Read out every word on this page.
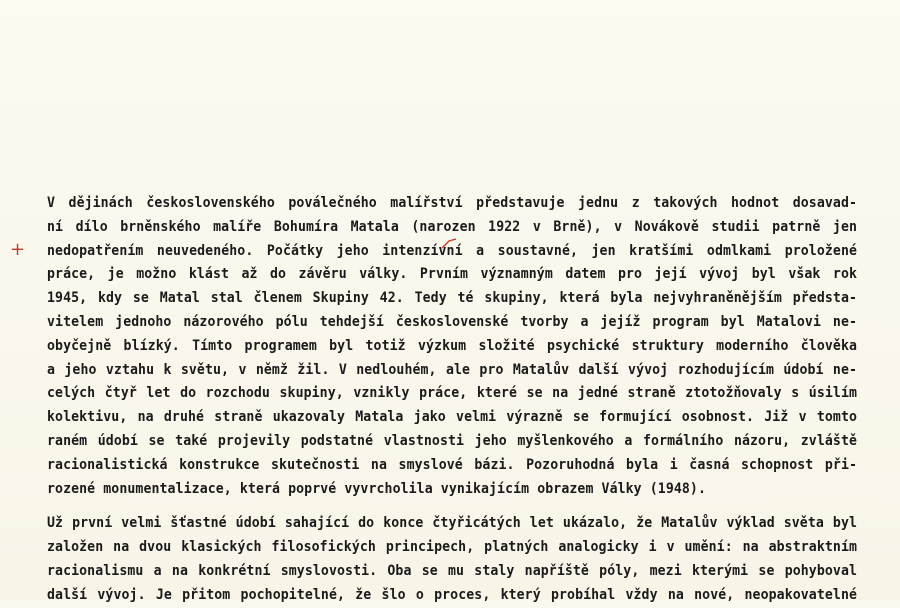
+
V dějinách československého poválečného malířství představuje jednu z takových hodnot dosavad-
ní dílo brněnského malíře Bohumíra Matala (narozen 1922 v Brně), v Novákově studii patrně jen
nedopatřením neuvedeného. Počátky jeho intenzívní a soustavné, jen kratšími odmlkami proložené
práce, je možno klást až do závěru války. Prvním významným datem pro její vývoj byl však rok
1945, kdy se Matal stal členem Skupiny 42. Tedy té skupiny, která byla nejvyhraněnějším předsta-
vitelem jednoho názorového pólu tehdejší československé tvorby a jejíž program byl Matalovi ne-
obyčejně blízký. Tímto programem byl totiž výzkum složité psychické struktury moderního člověka
a jeho vztahu k světu, v němž žil. V nedlouhém, ale pro Matalův další vývoj rozhodujícím údobí ne-
celých čtyř let do rozchodu skupiny, vznikly práce, které se na jedné straně ztotožňovaly s úsilím
kolektivu, na druhé straně ukazovaly Matala jako velmi výrazně se formující osobnost. Již v tomto
raném údobí se také projevily podstatné vlastnosti jeho myšlenkového a formálního názoru, zvláště
racionalistická konstrukce skutečnosti na smyslové bázi. Pozoruhodná byla i časná schopnost při-
rozené monumentalizace, která poprvé vyvrcholila vynikajícím obrazem Války (1948).
Už první velmi šťastné údobí sahající do konce čtyřicátých let ukázalo, že Matalův výklad světa byl
založen na dvou klasických filosofických principech, platných analogicky i v umění: na abstraktním
racionalismu a na konkrétní smyslovosti. Oba se mu staly napříště póly, mezi kterými se pohyboval
další vývoj. Je přitom pochopitelné, že šlo o proces, který probíhal vždy na nové, neopakovatelné
